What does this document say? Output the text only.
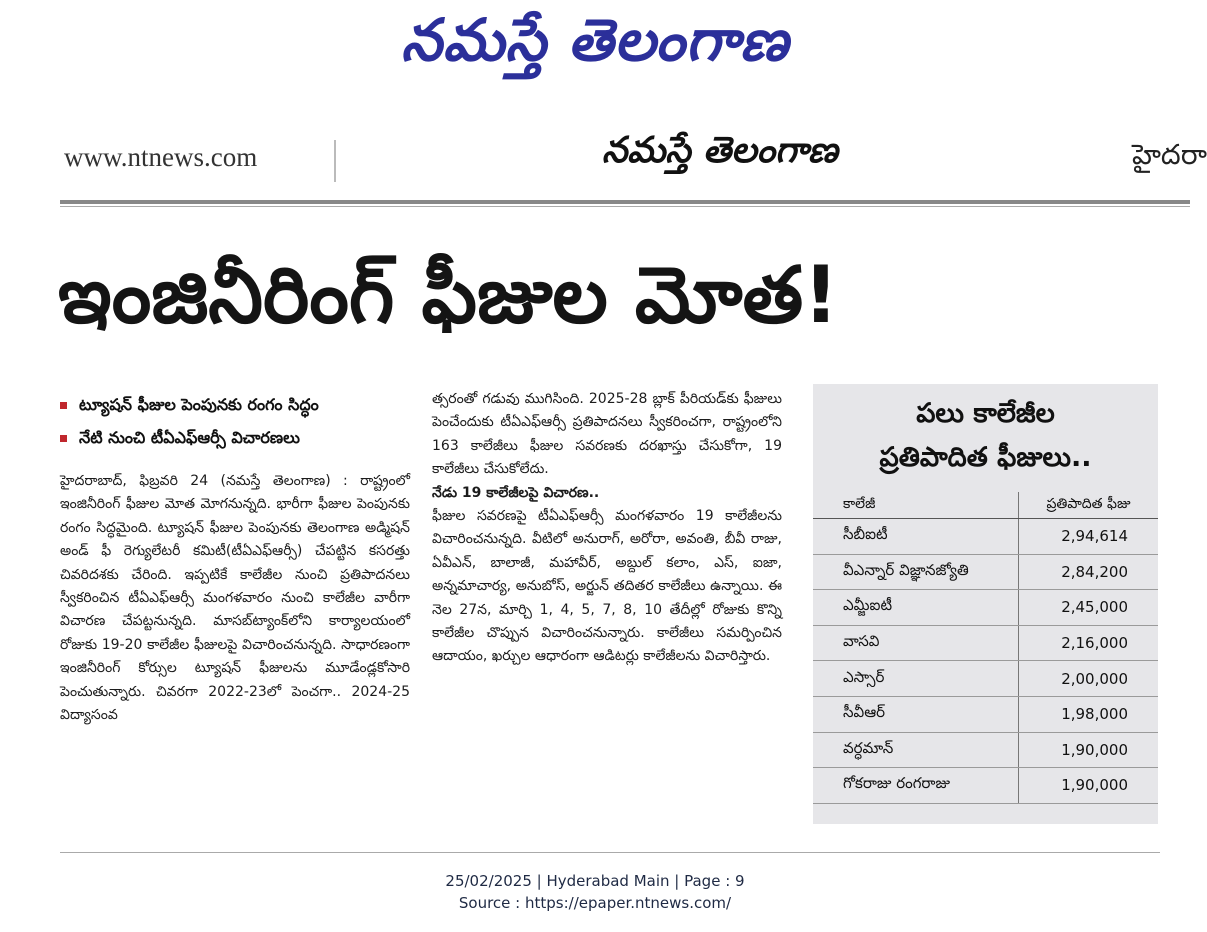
నమస్తే తెలంగాణ
www.ntnews.com	నమస్తే తెలంగాణ	హైదరా
ఇంజినీరింగ్ ఫీజుల మోత!
ట్యూషన్ ఫీజుల పెంపునకు రంగం సిద్ధం
నేటి నుంచి టీఏఎఫ్ఆర్సీ విచారణలు
హైదరాబాద్, ఫిబ్రవరి 24 (నమస్తే తెలంగాణ) : రాష్ట్రంలో ఇంజినీరింగ్ ఫీజుల మోత మోగనున్నది. భారీగా ఫీజుల పెంపునకు రంగం సిద్ధమైంది. ట్యూషన్ ఫీజుల పెంపునకు తెలంగాణ అడ్మిషన్ అండ్ ఫీ రెగ్యులేటరీ కమిటీ(టీఏఎఫ్ఆర్సీ) చేపట్టిన కసరత్తు చివరిదశకు చేరింది. ఇప్పటికే కాలేజీల నుంచి ప్రతిపాదనలు స్వీకరించిన టీఏఎఫ్ఆర్సీ మంగళవారం నుంచి కాలేజీల వారీగా విచారణ చేపట్టనున్నది. మాసబ్‌ట్యాంక్‌లోని కార్యాలయంలో రోజుకు 19-20 కాలేజీల ఫీజులపై విచారించనున్నది. సాధారణంగా ఇంజినీరింగ్ కోర్సుల ట్యూషన్ ఫీజులను మూడేండ్లకోసారి పెంచుతున్నారు. చివరగా 2022-23లో పెంచగా.. 2024-25 విద్యాసంవ
త్సరంతో గడువు ముగిసింది. 2025-28 బ్లాక్ పీరియడ్‌కు ఫీజులు పెంచేందుకు టీఏఎఫ్ఆర్సీ ప్రతిపాదనలు స్వీకరించగా, రాష్ట్రంలోని 163 కాలేజీలు ఫీజుల సవరణకు దరఖాస్తు చేసుకోగా, 19 కాలేజీలు చేసుకోలేదు.
నేడు 19 కాలేజీలపై విచారణ..
ఫీజుల సవరణపై టీఏఎఫ్ఆర్సీ మంగళవారం 19 కాలేజీలను విచారించనున్నది. వీటిలో అనురాగ్, అరోరా, అవంతి, బీవీ రాజు, ఏవీఎన్, బాలాజీ, మహావీర్, అబ్దుల్ కలాం, ఎస్, ఐజా, అన్నమాచార్య, అనుబోస్, అర్జున్ తదితర కాలేజీలు ఉన్నాయి. ఈ నెల 27న, మార్చి 1, 4, 5, 7, 8, 10 తేదీల్లో రోజుకు కొన్ని కాలేజీల చొప్పున విచారించనున్నారు. కాలేజీలు సమర్పించిన ఆదాయం, ఖర్చుల ఆధారంగా ఆడిటర్లు కాలేజీలను విచారిస్తారు.
పలు కాలేజీల
ప్రతిపాదిత ఫీజులు..
కాలేజీ	ప్రతిపాదిత ఫీజు
సీబీఐటీ	2,94,614
వీఎన్నార్ విజ్ఞానజ్యోతి	2,84,200
ఎమ్జీఐటీ	2,45,000
వాసవి	2,16,000
ఎస్సార్	2,00,000
సీవీఆర్	1,98,000
వర్ధమాన్	1,90,000
గోకరాజు రంగరాజు	1,90,000
25/02/2025 | Hyderabad Main | Page : 9
Source : https://epaper.ntnews.com/
